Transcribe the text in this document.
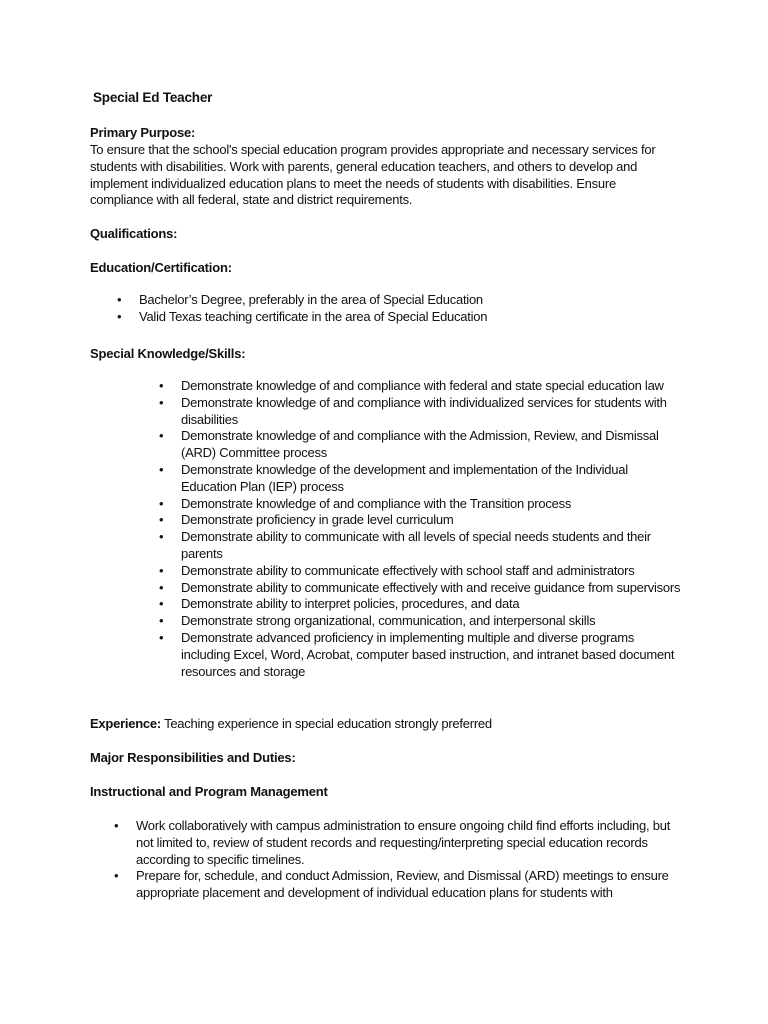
Special Ed Teacher
Primary Purpose:
To ensure that the school's special education program provides appropriate and necessary services for students with disabilities. Work with parents, general education teachers, and others to develop and implement individualized education plans to meet the needs of students with disabilities. Ensure compliance with all federal, state and district requirements.
Qualifications:
Education/Certification:
• Bachelor’s Degree, preferably in the area of Special Education
• Valid Texas teaching certificate in the area of Special Education
Special Knowledge/Skills:
• Demonstrate knowledge of and compliance with federal and state special education law
• Demonstrate knowledge of and compliance with individualized services for students with disabilities
• Demonstrate knowledge of and compliance with the Admission, Review, and Dismissal (ARD) Committee process
• Demonstrate knowledge of the development and implementation of the Individual Education Plan (IEP) process
• Demonstrate knowledge of and compliance with the Transition process
• Demonstrate proficiency in grade level curriculum
• Demonstrate ability to communicate with all levels of special needs students and their parents
• Demonstrate ability to communicate effectively with school staff and administrators
• Demonstrate ability to communicate effectively with and receive guidance from supervisors
• Demonstrate ability to interpret policies, procedures, and data
• Demonstrate strong organizational, communication, and interpersonal skills
• Demonstrate advanced proficiency in implementing multiple and diverse programs including Excel, Word, Acrobat, computer based instruction, and intranet based document resources and storage
Experience: Teaching experience in special education strongly preferred
Major Responsibilities and Duties:
Instructional and Program Management
• Work collaboratively with campus administration to ensure ongoing child find efforts including, but not limited to, review of student records and requesting/interpreting special education records according to specific timelines.
• Prepare for, schedule, and conduct Admission, Review, and Dismissal (ARD) meetings to ensure appropriate placement and development of individual education plans for students with
